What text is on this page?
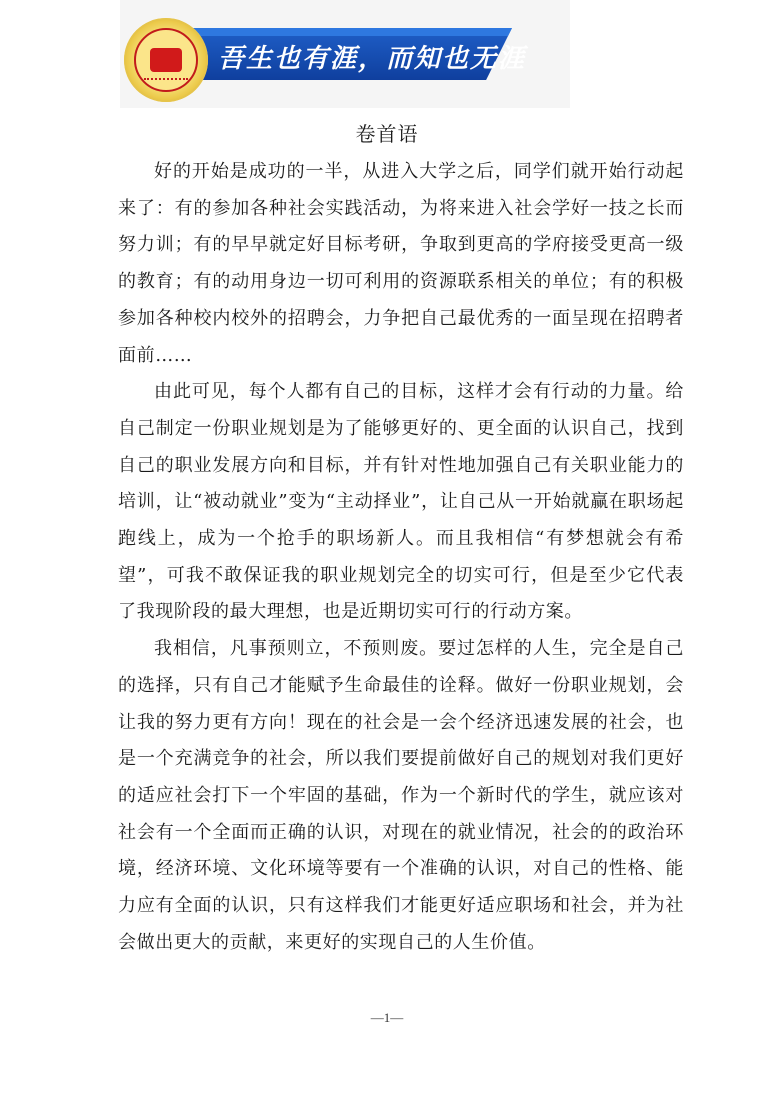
吾生也有涯，而知也无涯
卷首语

好的开始是成功的一半，从进入大学之后，同学们就开始行动起来了：有的参加各种社会实践活动，为将来进入社会学好一技之长而努力训；有的早早就定好目标考研，争取到更高的学府接受更高一级的教育；有的动用身边一切可利用的资源联系相关的单位；有的积极参加各种校内校外的招聘会，力争把自己最优秀的一面呈现在招聘者面前……

由此可见，每个人都有自己的目标，这样才会有行动的力量。给自己制定一份职业规划是为了能够更好的、更全面的认识自己，找到自己的职业发展方向和目标，并有针对性地加强自己有关职业能力的培训，让“被动就业”变为“主动择业”，让自己从一开始就赢在职场起跑线上，成为一个抢手的职场新人。而且我相信“有梦想就会有希望”，可我不敢保证我的职业规划完全的切实可行，但是至少它代表了我现阶段的最大理想，也是近期切实可行的行动方案。

我相信，凡事预则立，不预则废。要过怎样的人生，完全是自己的选择，只有自己才能赋予生命最佳的诠释。做好一份职业规划，会让我的努力更有方向！现在的社会是一会个经济迅速发展的社会，也是一个充满竞争的社会，所以我们要提前做好自己的规划对我们更好的适应社会打下一个牢固的基础，作为一个新时代的学生，就应该对社会有一个全面而正确的认识，对现在的就业情况，社会的的政治环境，经济环境、文化环境等要有一个准确的认识，对自己的性格、能力应有全面的认识，只有这样我们才能更好适应职场和社会，并为社会做出更大的贡献，来更好的实现自己的人生价值。

—1—
